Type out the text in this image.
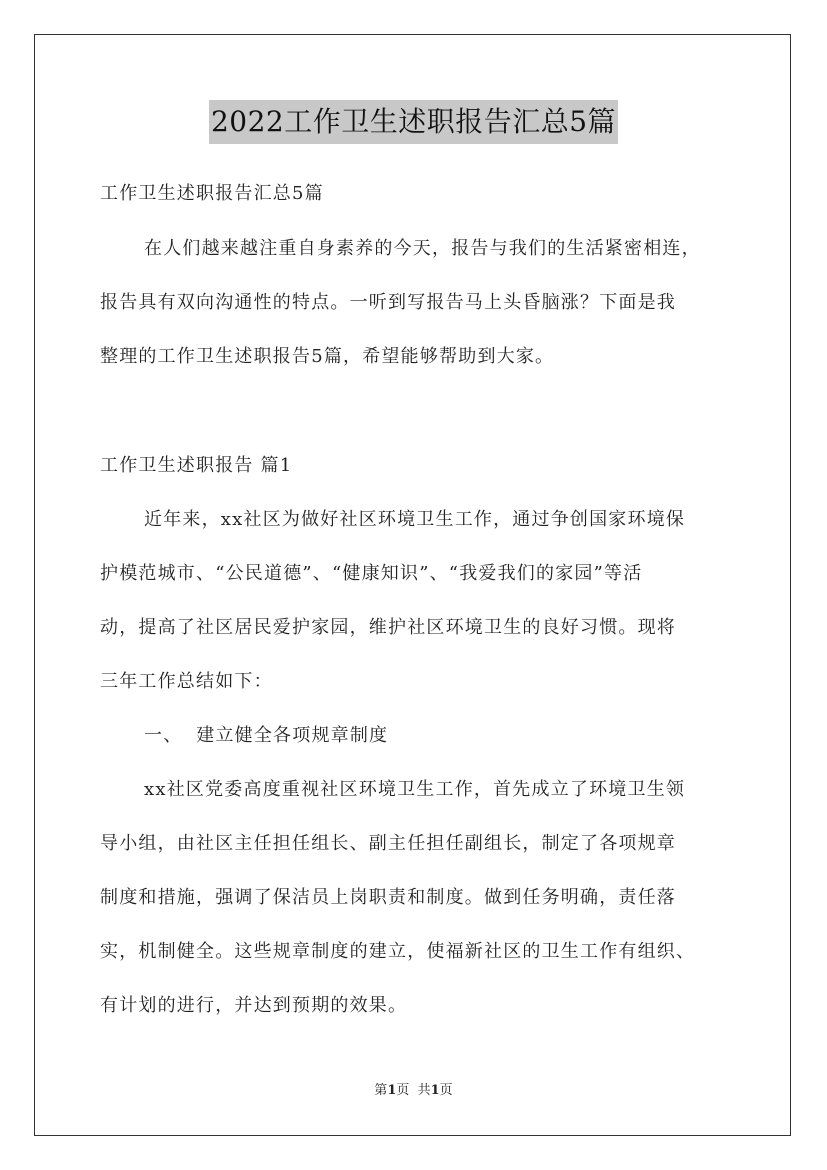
2022工作卫生述职报告汇总5篇
工作卫生述职报告汇总5篇
在人们越来越注重自身素养的今天，报告与我们的生活紧密相连，
报告具有双向沟通性的特点。一听到写报告马上头昏脑涨？下面是我
整理的工作卫生述职报告5篇，希望能够帮助到大家。
工作卫生述职报告 篇1
近年来，xx社区为做好社区环境卫生工作，通过争创国家环境保
护模范城市、“公民道德”、“健康知识”、“我爱我们的家园”等活
动，提高了社区居民爱护家园，维护社区环境卫生的良好习惯。现将
三年工作总结如下：
一、  建立健全各项规章制度
xx社区党委高度重视社区环境卫生工作，首先成立了环境卫生领
导小组，由社区主任担任组长、副主任担任副组长，制定了各项规章
制度和措施，强调了保洁员上岗职责和制度。做到任务明确，责任落
实，机制健全。这些规章制度的建立，使福新社区的卫生工作有组织、
有计划的进行，并达到预期的效果。
第1页  共1页
